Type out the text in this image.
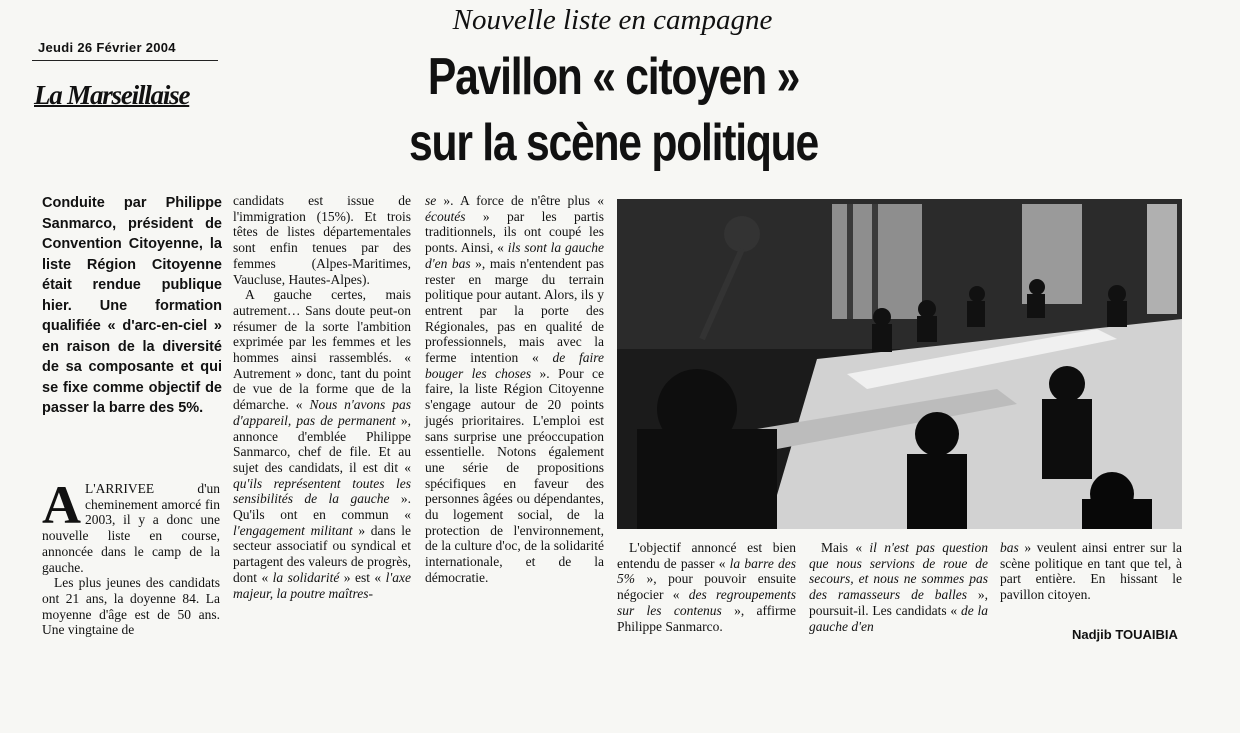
Jeudi 26 Février 2004
La Marseillaise
Nouvelle liste en campagne
Pavillon « citoyen »
sur la scène politique
Conduite par Philippe Sanmarco, président de Convention Citoyenne, la liste Région Citoyenne était rendue publique hier. Une formation qualifiée « d'arc-en-ciel » en raison de la diversité de sa composante et qui se fixe comme objectif de passer la barre des 5%.

A L'ARRIVEE d'un cheminement amorcé fin 2003, il y a donc une nouvelle liste en course, annoncée dans le camp de la gauche.

Les plus jeunes des candidats ont 21 ans, la doyenne 84. La moyenne d'âge est de 50 ans. Une vingtaine de

candidats est issue de l'immigration (15%). Et trois têtes de listes départementales sont enfin tenues par des femmes (Alpes-Maritimes, Vaucluse, Hautes-Alpes).

A gauche certes, mais autrement… Sans doute peut-on résumer de la sorte l'ambition exprimée par les femmes et les hommes ainsi rassemblés. « Autrement » donc, tant du point de vue de la forme que de la démarche. « Nous n'avons pas d'appareil, pas de permanent », annonce d'emblée Philippe Sanmarco, chef de file. Et au sujet des candidats, il est dit « qu'ils représentent toutes les sensibilités de la gauche ». Qu'ils ont en commun « l'engagement militant » dans le secteur associatif ou syndical et partagent des valeurs de progrès, dont « la solidarité » est « l'axe majeur, la poutre maîtres-

se ». A force de n'être plus « écoutés » par les partis traditionnels, ils ont coupé les ponts. Ainsi, « ils sont la gauche d'en bas », mais n'entendent pas rester en marge du terrain politique pour autant. Alors, ils y entrent par la porte des Régionales, pas en qualité de professionnels, mais avec la ferme intention « de faire bouger les choses ». Pour ce faire, la liste Région Citoyenne s'engage autour de 20 points jugés prioritaires. L'emploi est sans surprise une préoccupation essentielle. Notons également une série de propositions spécifiques en faveur des personnes âgées ou dépendantes, du logement social, de la protection de l'environnement, de la culture d'oc, de la solidarité internationale, et de la démocratie.

L'objectif annoncé est bien entendu de passer « la barre des 5% », pour pouvoir ensuite négocier « des regroupements sur les contenus », affirme Philippe Sanmarco.

Mais « il n'est pas question que nous servions de roue de secours, et nous ne sommes pas des ramasseurs de balles », poursuit-il. Les candidats « de la gauche d'en

bas » veulent ainsi entrer sur la scène politique en tant que tel, à part entière. En hissant le pavillon citoyen.

Nadjib TOUAIBIA
